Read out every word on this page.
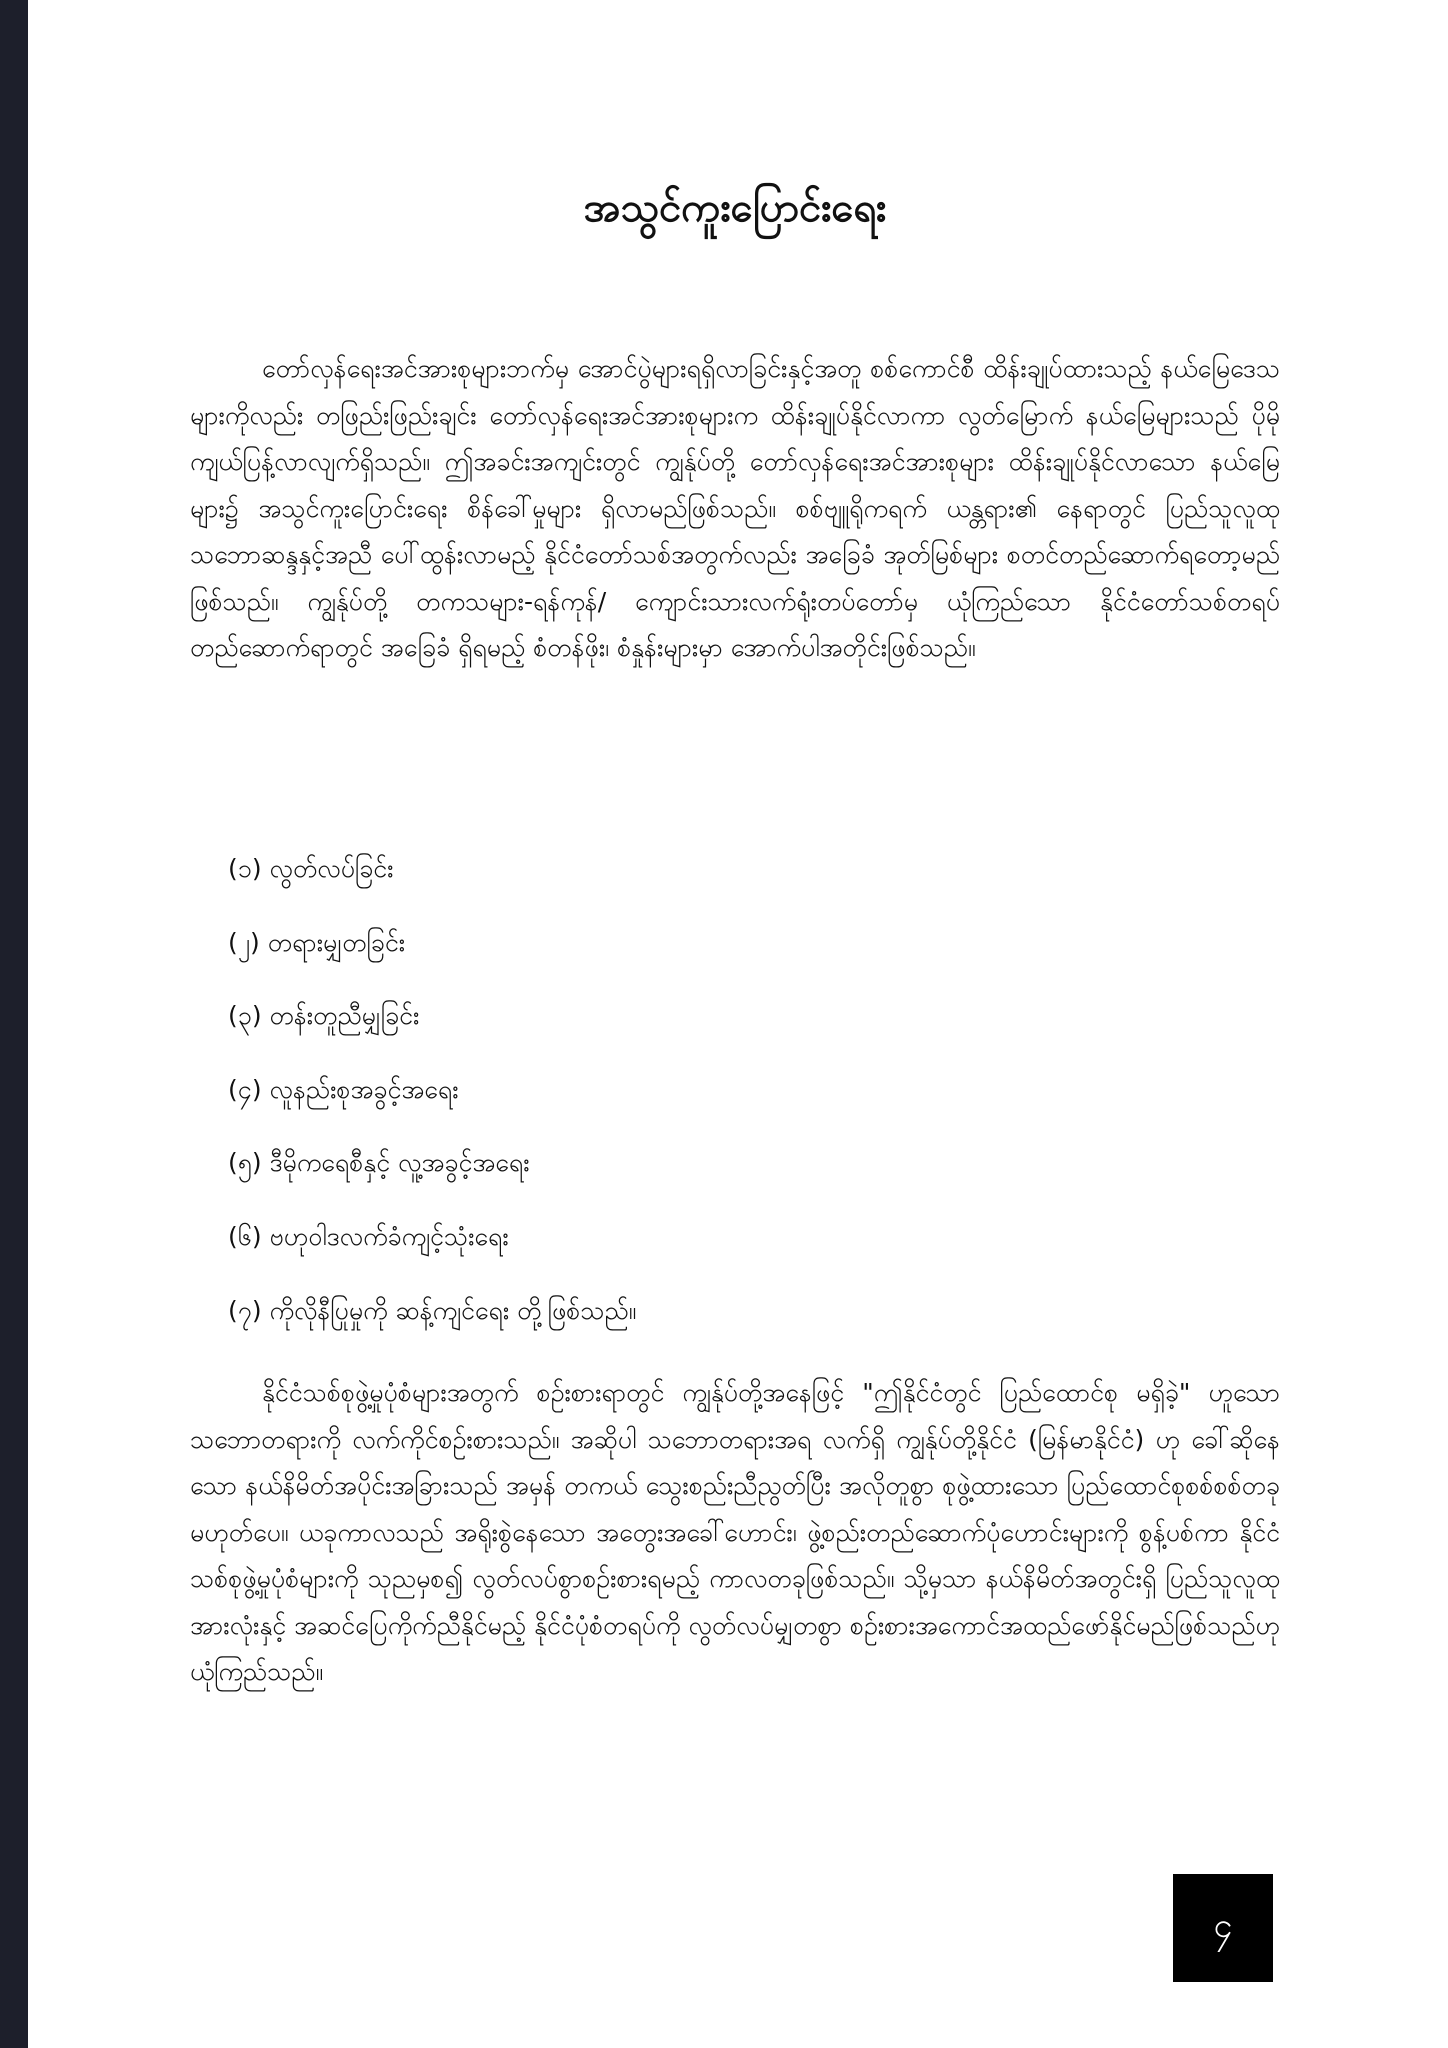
အသွင်ကူးပြောင်းရေး

တော်လှန်ရေးအင်အားစုများဘက်မှ အောင်ပွဲများရရှိလာခြင်းနှင့်အတူ စစ်ကောင်စီ ထိန်းချုပ်ထားသည့် နယ်မြေဒေသများကိုလည်း တဖြည်းဖြည်းချင်း တော်လှန်ရေးအင်အားစုများက ထိန်းချုပ်နိုင်လာကာ လွတ်မြောက် နယ်မြေများသည် ပိုမိုကျယ်ပြန့်လာလျက်ရှိသည်။ ဤအခင်းအကျင်းတွင် ကျွန်ုပ်တို့ တော်လှန်ရေးအင်အားစုများ ထိန်းချုပ်နိုင်လာသော နယ်မြေများ၌ အသွင်ကူးပြောင်းရေး စိန်ခေါ်မှုများ ရှိလာမည်ဖြစ်သည်။ စစ်ဗျူရိုကရက် ယန္တရား၏ နေရာတွင် ပြည်သူလူထု သဘောဆန္ဒနှင့်အညီ ပေါ်ထွန်းလာမည့် နိုင်ငံတော်သစ်အတွက်လည်း အခြေခံ အုတ်မြစ်များ စတင်တည်ဆောက်ရတော့မည်ဖြစ်သည်။ ကျွန်ုပ်တို့ တကသများ-ရန်ကုန်/ ကျောင်းသားလက်ရုံးတပ်တော်မှ ယုံကြည်သော နိုင်ငံတော်သစ်တရပ် တည်ဆောက်ရာတွင် အခြေခံ ရှိရမည့် စံတန်ဖိုး၊ စံနှုန်းများမှာ အောက်ပါအတိုင်းဖြစ်သည်။

(၁) လွတ်လပ်ခြင်း
(၂) တရားမျှတခြင်း
(၃) တန်းတူညီမျှခြင်း
(၄) လူနည်းစုအခွင့်အရေး
(၅) ဒီမိုကရေစီနှင့် လူ့အခွင့်အရေး
(၆) ဗဟုဝါဒလက်ခံကျင့်သုံးရေး
(၇) ကိုလိုနီပြုမှုကို ဆန့်ကျင်ရေး တို့ဖြစ်သည်။

နိုင်ငံသစ်စုဖွဲ့မှုပုံစံများအတွက် စဉ်းစားရာတွင် ကျွန်ုပ်တို့အနေဖြင့် "ဤနိုင်ငံတွင် ပြည်ထောင်စု မရှိခဲ့" ဟူသော သဘောတရားကို လက်ကိုင်စဉ်းစားသည်။ အဆိုပါ သဘောတရားအရ လက်ရှိ ကျွန်ုပ်တို့နိုင်ငံ (မြန်မာနိုင်ငံ) ဟု ခေါ်ဆိုနေသော နယ်နိမိတ်အပိုင်းအခြားသည် အမှန် တကယ် သွေးစည်းညီညွတ်ပြီး အလိုတူစွာ စုဖွဲ့ထားသော ပြည်ထောင်စုစစ်စစ်တခု မဟုတ်ပေ။ ယခုကာလသည် အရိုးစွဲနေသော အတွေးအခေါ်ဟောင်း၊ ဖွဲ့စည်းတည်ဆောက်ပုံဟောင်းများကို စွန့်ပစ်ကာ နိုင်ငံသစ်စုဖွဲ့မှုပုံစံများကို သုညမှစ၍ လွတ်လပ်စွာစဉ်းစားရမည့် ကာလတခုဖြစ်သည်။ သို့မှသာ နယ်နိမိတ်အတွင်းရှိ ပြည်သူလူထုအားလုံးနှင့် အဆင်ပြေကိုက်ညီနိုင်မည့် နိုင်ငံပုံစံတရပ်ကို လွတ်လပ်မျှတစွာ စဉ်းစားအကောင်အထည်ဖော်နိုင်မည်ဖြစ်သည်ဟု ယုံကြည်သည်။

၄
